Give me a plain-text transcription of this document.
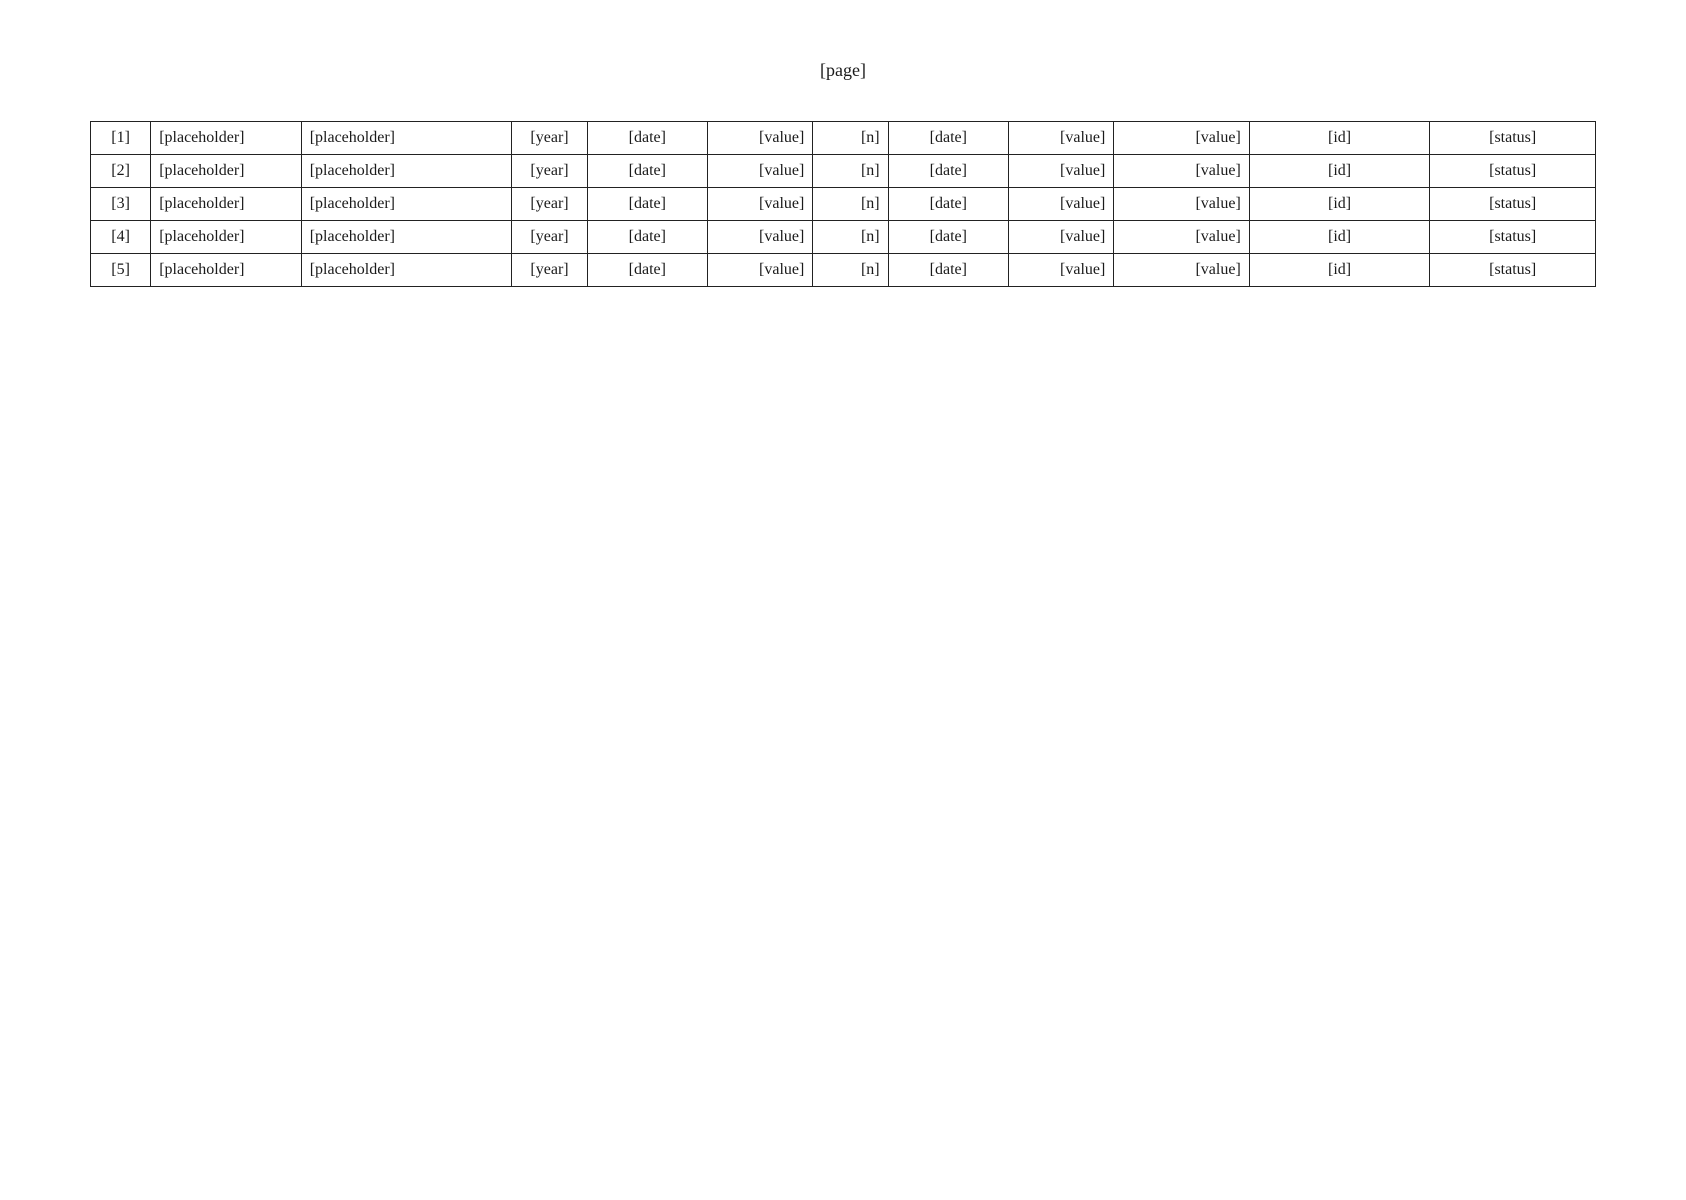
[page]
[1]	[placeholder]	[placeholder]	[year]	[date]	[value]	[n]	[date]	[value]	[value]	[id]	[status]
[2]	[placeholder]	[placeholder]	[year]	[date]	[value]	[n]	[date]	[value]	[value]	[id]	[status]
[3]	[placeholder]	[placeholder]	[year]	[date]	[value]	[n]	[date]	[value]	[value]	[id]	[status]
[4]	[placeholder]	[placeholder]	[year]	[date]	[value]	[n]	[date]	[value]	[value]	[id]	[status]
[5]	[placeholder]	[placeholder]	[year]	[date]	[value]	[n]	[date]	[value]	[value]	[id]	[status]
